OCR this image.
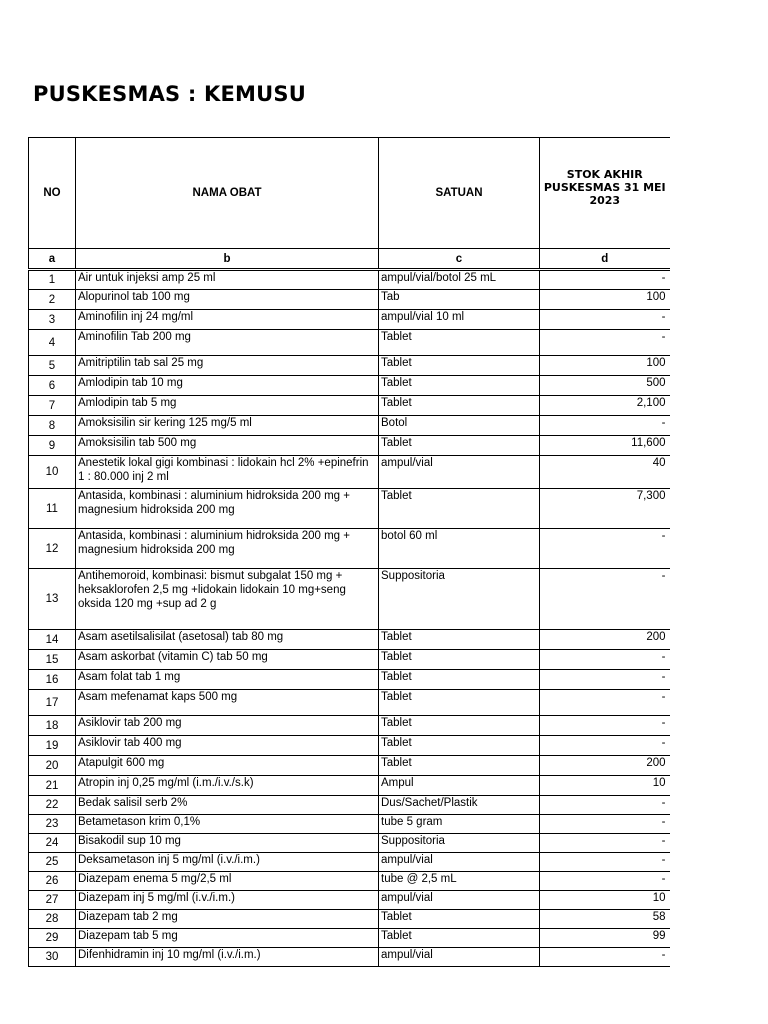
PUSKESMAS : KEMUSU
NO	NAMA OBAT	SATUAN	STOK AKHIR PUSKESMAS 31 MEI 2023
a	b	c	d
1	Air untuk injeksi amp 25 ml	ampul/vial/botol 25 mL	-
2	Alopurinol tab 100 mg	Tab	100
3	Aminofilin inj 24 mg/ml	ampul/vial 10 ml	-
4	Aminofilin Tab 200 mg	Tablet	-
5	Amitriptilin tab sal 25 mg	Tablet	100
6	Amlodipin tab 10 mg	Tablet	500
7	Amlodipin tab 5 mg	Tablet	2,100
8	Amoksisilin sir kering 125 mg/5 ml	Botol	-
9	Amoksisilin tab 500 mg	Tablet	11,600
10	Anestetik lokal gigi kombinasi : lidokain hcl 2% +epinefrin 1 : 80.000 inj 2 ml	ampul/vial	40
11	Antasida, kombinasi : aluminium hidroksida 200 mg + magnesium hidroksida 200 mg	Tablet	7,300
12	Antasida, kombinasi : aluminium hidroksida 200 mg + magnesium hidroksida 200 mg	botol 60 ml	-
13	Antihemoroid, kombinasi: bismut subgalat 150 mg + heksaklorofen 2,5 mg +lidokain lidokain 10 mg+seng oksida 120 mg +sup ad 2 g	Suppositoria	-
14	Asam asetilsalisilat (asetosal) tab 80 mg	Tablet	200
15	Asam askorbat (vitamin C) tab 50 mg	Tablet	-
16	Asam folat tab 1 mg	Tablet	-
17	Asam mefenamat kaps 500 mg	Tablet	-
18	Asiklovir tab 200 mg	Tablet	-
19	Asiklovir tab 400 mg	Tablet	-
20	Atapulgit 600 mg	Tablet	200
21	Atropin inj 0,25 mg/ml (i.m./i.v./s.k)	Ampul	10
22	Bedak salisil serb 2%	Dus/Sachet/Plastik	-
23	Betametason krim 0,1%	tube 5 gram	-
24	Bisakodil sup 10 mg	Suppositoria	-
25	Deksametason inj 5 mg/ml (i.v./i.m.)	ampul/vial	-
26	Diazepam enema 5 mg/2,5 ml	tube @ 2,5 mL	-
27	Diazepam inj 5 mg/ml (i.v./i.m.)	ampul/vial	10
28	Diazepam tab 2 mg	Tablet	58
29	Diazepam tab 5 mg	Tablet	99
30	Difenhidramin inj 10 mg/ml (i.v./i.m.)	ampul/vial	-
